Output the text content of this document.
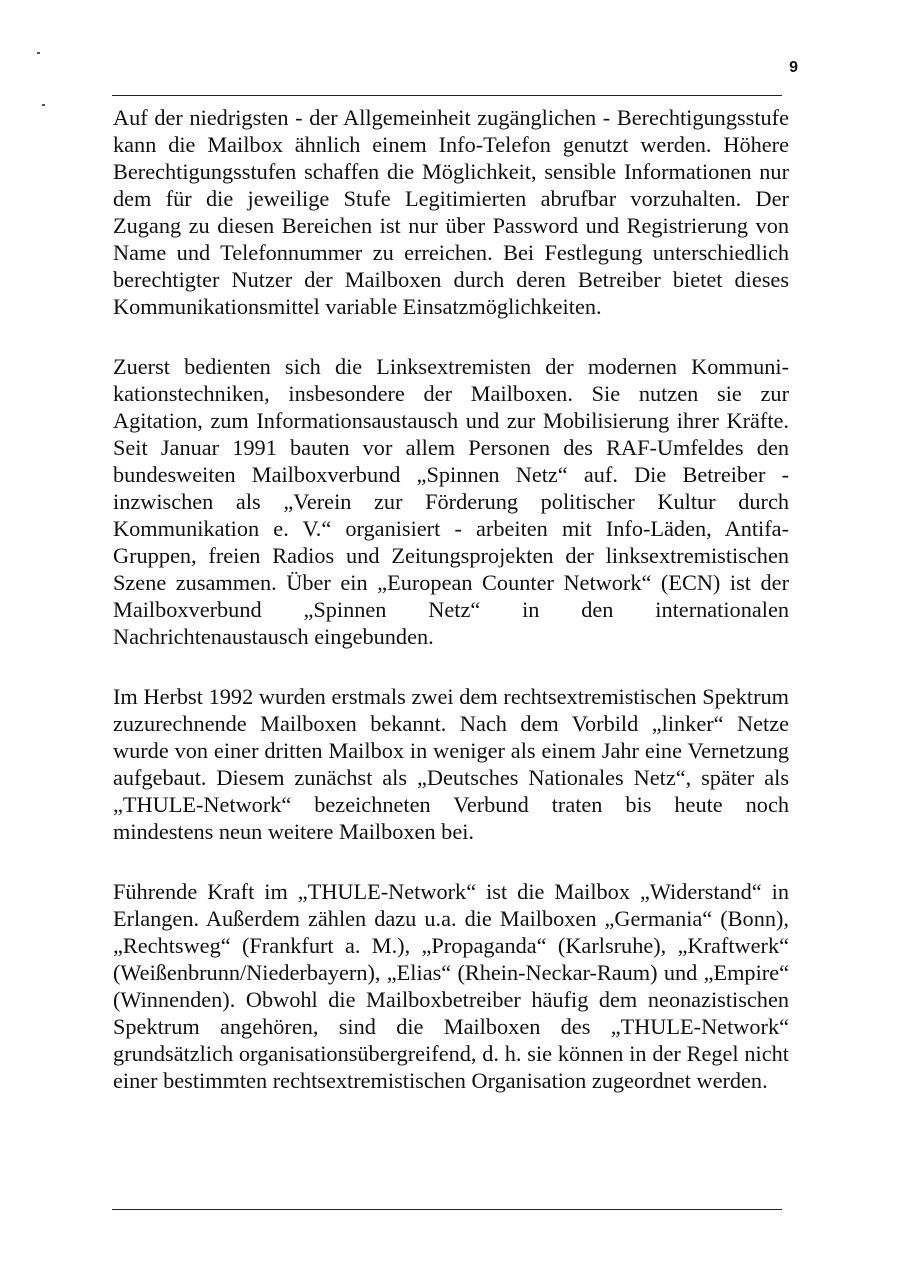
9

Auf der niedrigsten - der Allgemeinheit zugänglichen - Berechtigungsstufe kann die Mailbox ähnlich einem Info-Telefon genutzt werden. Höhere Berechtigungsstufen schaffen die Möglichkeit, sensible Informationen nur dem für die jeweilige Stufe Legitimierten abrufbar vorzuhalten. Der Zugang zu diesen Bereichen ist nur über Password und Registrierung von Name und Telefonnummer zu erreichen. Bei Festlegung unterschiedlich berechtigter Nutzer der Mailboxen durch deren Betreiber bietet dieses Kommunikationsmittel variable Einsatzmöglichkeiten.

Zuerst bedienten sich die Linksextremisten der modernen Kommunikationstechniken, insbesondere der Mailboxen. Sie nutzen sie zur Agitation, zum Informationsaustausch und zur Mobilisierung ihrer Kräfte. Seit Januar 1991 bauten vor allem Personen des RAF-Umfeldes den bundesweiten Mailboxverbund „Spinnen Netz“ auf. Die Betreiber - inzwischen als „Verein zur Förderung politischer Kultur durch Kommunikation e. V.“ organisiert - arbeiten mit Info-Läden, Antifa-Gruppen, freien Radios und Zeitungsprojekten der linksextremistischen Szene zusammen. Über ein „European Counter Network“ (ECN) ist der Mailboxverbund „Spinnen Netz“ in den internationalen Nachrichtenaustausch eingebunden.

Im Herbst 1992 wurden erstmals zwei dem rechtsextremistischen Spektrum zuzurechnende Mailboxen bekannt. Nach dem Vorbild „linker“ Netze wurde von einer dritten Mailbox in weniger als einem Jahr eine Vernetzung aufgebaut. Diesem zunächst als „Deutsches Nationales Netz“, später als „THULE-Network“ bezeichneten Verbund traten bis heute noch mindestens neun weitere Mailboxen bei.

Führende Kraft im „THULE-Network“ ist die Mailbox „Widerstand“ in Erlangen. Außerdem zählen dazu u.a. die Mailboxen „Germania“ (Bonn), „Rechtsweg“ (Frankfurt a. M.), „Propaganda“ (Karlsruhe), „Kraftwerk“ (Weißenbrunn/Niederbayern), „Elias“ (Rhein-Neckar-Raum) und „Empire“ (Winnenden). Obwohl die Mailboxbetreiber häufig dem neonazistischen Spektrum angehören, sind die Mailboxen des „THULE-Network“ grundsätzlich organisationsübergreifend, d. h. sie können in der Regel nicht einer bestimmten rechtsextremistischen Organisation zugeordnet werden.
